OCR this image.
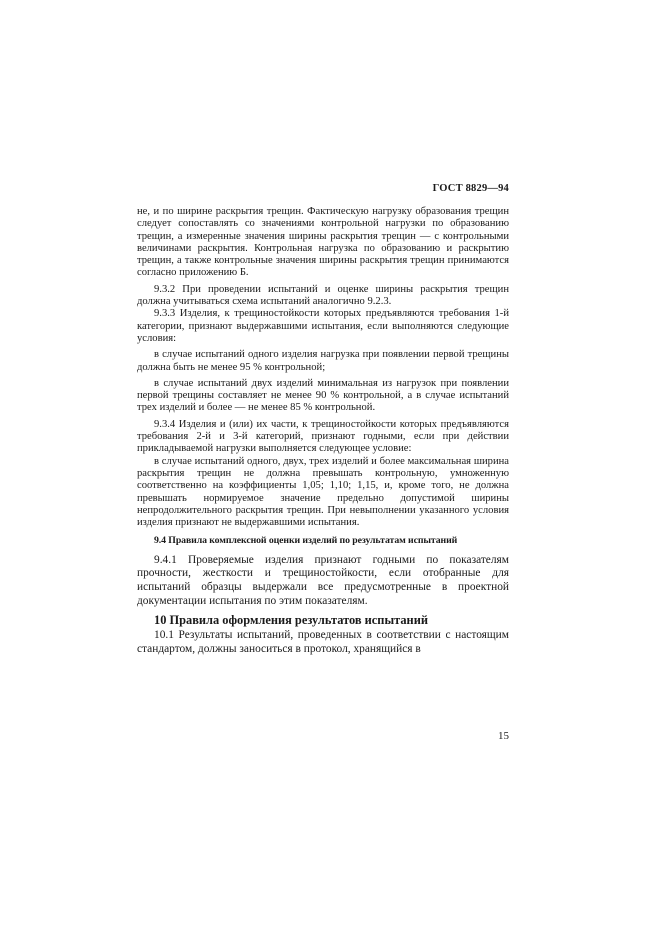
ГОСТ 8829—94

не, и по ширине раскрытия трещин. Фактическую нагрузку образования трещин следует сопоставлять со значениями контрольной нагрузки по образованию трещин, а измеренные значения ширины раскрытия трещин — с контрольными величинами раскрытия. Контрольная нагрузка по образованию и раскрытию трещин, а также контрольные значения ширины раскрытия трещин принимаются согласно приложению Б.

9.3.2 При проведении испытаний и оценке ширины раскрытия трещин должна учитываться схема испытаний аналогично 9.2.3.

9.3.3 Изделия, к трещиностойкости которых предъявляются требования 1-й категории, признают выдержавшими испытания, если выполняются следующие условия:

в случае испытаний одного изделия нагрузка при появлении первой трещины должна быть не менее 95 % контрольной;

в случае испытаний двух изделий минимальная из нагрузок при появлении первой трещины составляет не менее 90 % контрольной, а в случае испытаний трех изделий и более — не менее 85 % контрольной.

9.3.4 Изделия и (или) их части, к трещиностойкости которых предъявляются требования 2-й и 3-й категорий, признают годными, если при действии прикладываемой нагрузки выполняется следующее условие:

в случае испытаний одного, двух, трех изделий и более максимальная ширина раскрытия трещин не должна превышать контрольную, умноженную соответственно на коэффициенты 1,05; 1,10; 1,15, и, кроме того, не должна превышать нормируемое значение предельно допустимой ширины непродолжительного раскрытия трещин. При невыполнении указанного условия изделия признают не выдержавшими испытания.

9.4 Правила комплексной оценки изделий по результатам испытаний

9.4.1 Проверяемые изделия признают годными по показателям прочности, жесткости и трещиностойкости, если отобранные для испытаний образцы выдержали все предусмотренные в проектной документации испытания по этим показателям.

10 Правила оформления результатов испытаний

10.1 Результаты испытаний, проведенных в соответствии с настоящим стандартом, должны заноситься в протокол, хранящийся в

15
